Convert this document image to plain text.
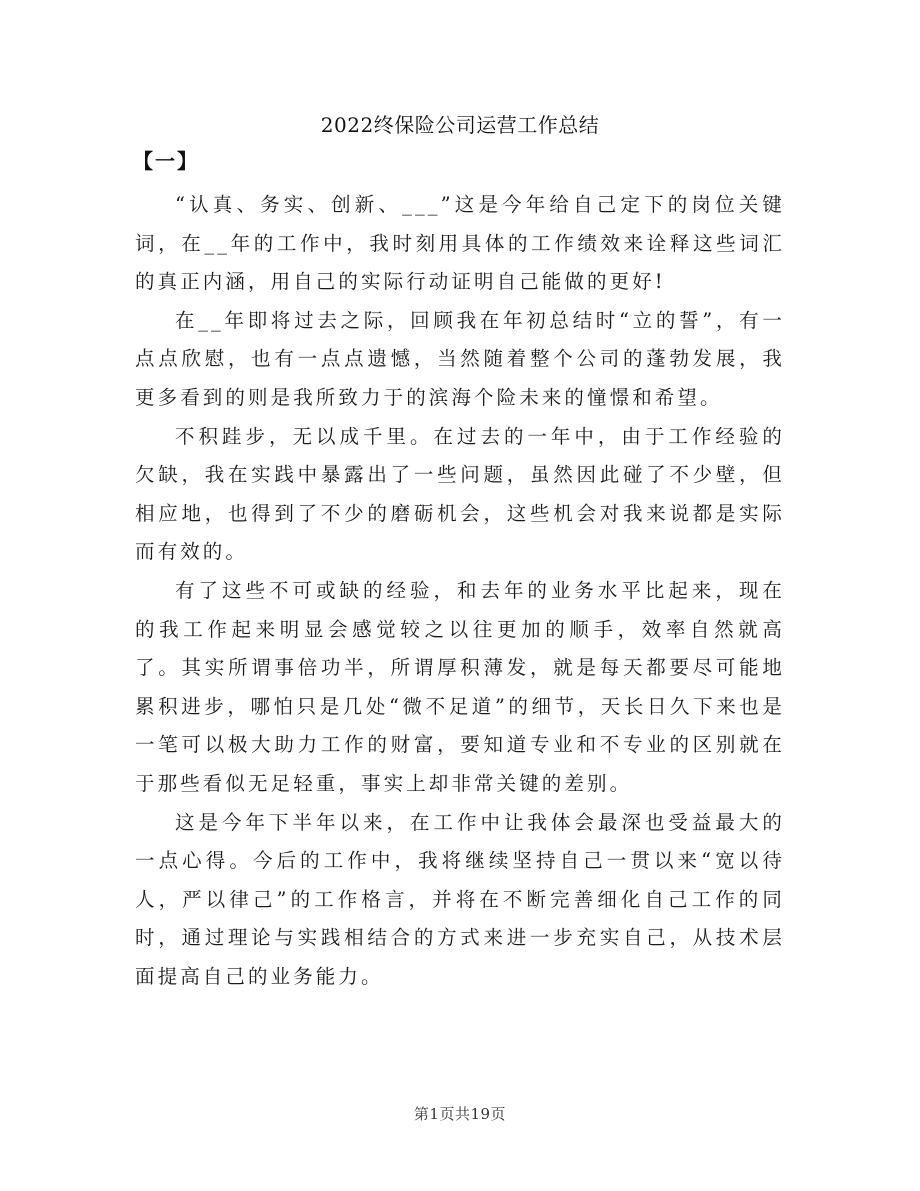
2022终保险公司运营工作总结
【一】

“认真、务实、创新、___”这是今年给自己定下的岗位关键词，在__年的工作中，我时刻用具体的工作绩效来诠释这些词汇的真正内涵，用自己的实际行动证明自己能做的更好!

在__年即将过去之际，回顾我在年初总结时“立的誓”，有一点点欣慰，也有一点点遗憾，当然随着整个公司的蓬勃发展，我更多看到的则是我所致力于的滨海个险未来的憧憬和希望。

不积跬步，无以成千里。在过去的一年中，由于工作经验的欠缺，我在实践中暴露出了一些问题，虽然因此碰了不少壁，但相应地，也得到了不少的磨砺机会，这些机会对我来说都是实际而有效的。

有了这些不可或缺的经验，和去年的业务水平比起来，现在的我工作起来明显会感觉较之以往更加的顺手，效率自然就高了。其实所谓事倍功半，所谓厚积薄发，就是每天都要尽可能地累积进步，哪怕只是几处“微不足道”的细节，天长日久下来也是一笔可以极大助力工作的财富，要知道专业和不专业的区别就在于那些看似无足轻重，事实上却非常关键的差别。

这是今年下半年以来，在工作中让我体会最深也受益最大的一点心得。今后的工作中，我将继续坚持自己一贯以来“宽以待人，严以律己”的工作格言，并将在不断完善细化自己工作的同时，通过理论与实践相结合的方式来进一步充实自己，从技术层面提高自己的业务能力。

第1页共19页
